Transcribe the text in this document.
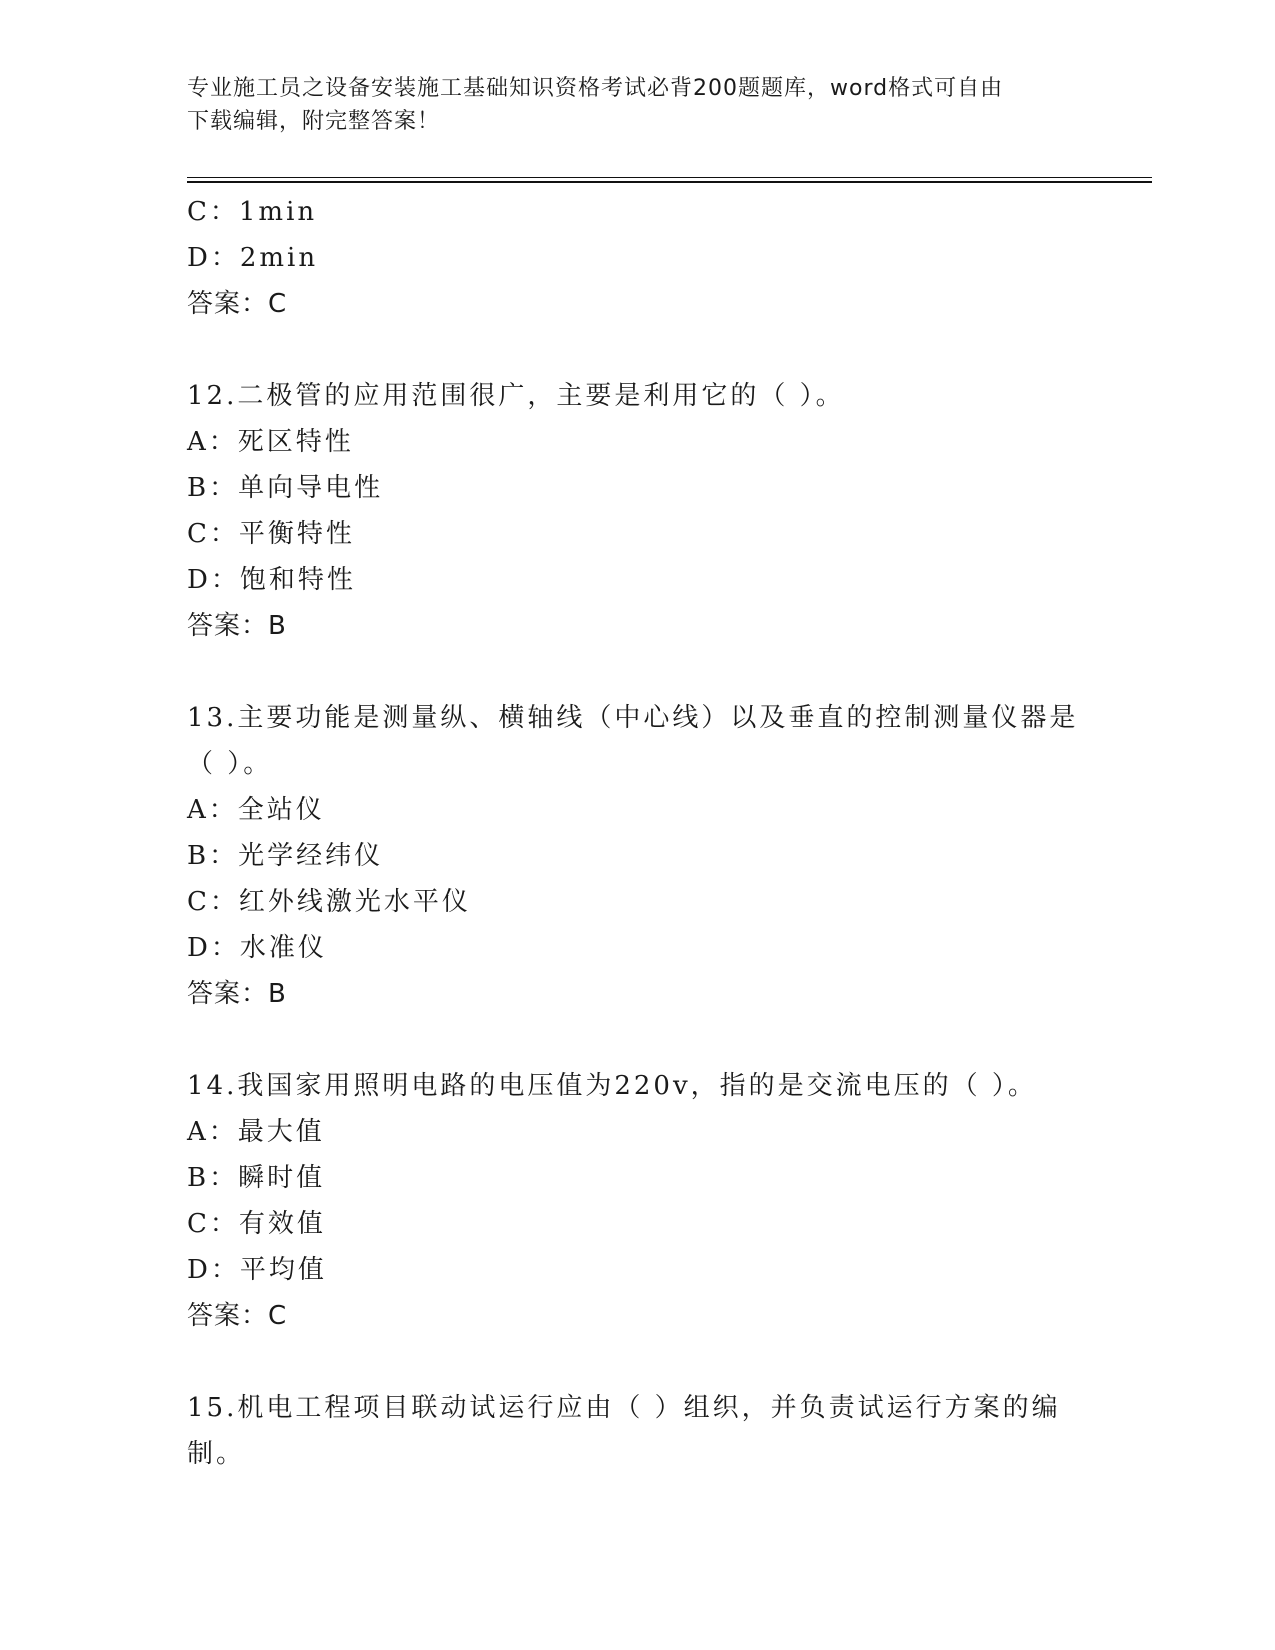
专业施工员之设备安装施工基础知识资格考试必背200题题库，word格式可自由
下载编辑，附完整答案！
C：1min
D：2min
答案：C
12.二极管的应用范围很广，主要是利用它的（ ）。
A：死区特性
B：单向导电性
C：平衡特性
D：饱和特性
答案：B
13.主要功能是测量纵、横轴线（中心线）以及垂直的控制测量仪器是
（ ）。
A：全站仪
B：光学经纬仪
C：红外线激光水平仪
D：水准仪
答案：B
14.我国家用照明电路的电压值为220v，指的是交流电压的（ ）。
A：最大值
B：瞬时值
C：有效值
D：平均值
答案：C
15.机电工程项目联动试运行应由（ ）组织，并负责试运行方案的编
制。
